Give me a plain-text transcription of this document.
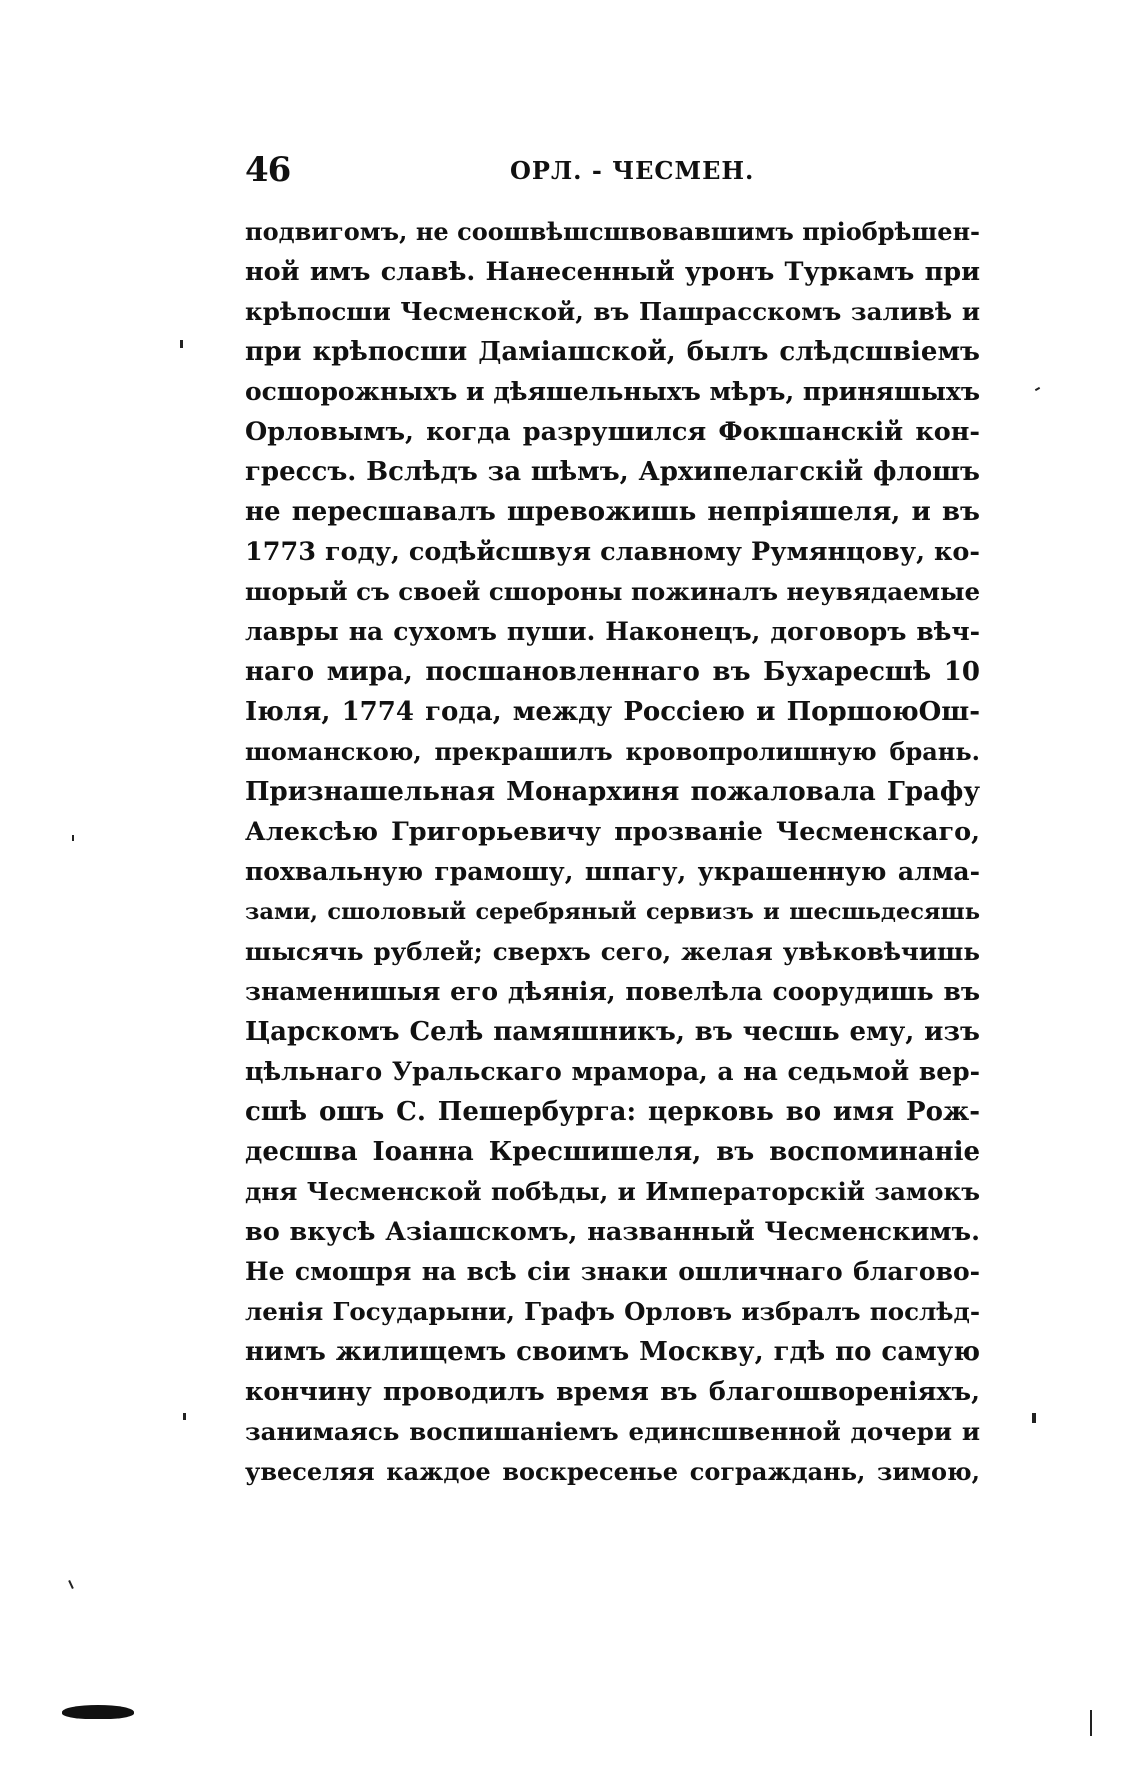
46	ОРЛ. - ЧЕСМЕН.
подвигомъ, не соошвѣшсшвовавшимъ пріобрѣшен-
ной имъ славѣ. Нанесенный уронъ Туркамъ при
крѣпосши Чесменской, въ Пашрасскомъ заливѣ и
при крѣпосши Даміашской, былъ слѣдсшвіемъ
осшорожныхъ и дѣяшельныхъ мѣръ, приняшыхъ
Орловымъ, когда разрушился Фокшанскій кон-
грессъ. Вслѣдъ за шѣмъ, Архипелагскій флошъ
не пересшавалъ шревожишь непріяшеля, и въ
1773 году, содѣйсшвуя славному Румянцову, ко-
шорый съ своей сшороны пожиналъ неувядаемые
лавры на сухомъ пуши. Наконецъ, договоръ вѣч-
наго мира, посшановленнаго въ Бухаресшѣ 10
Іюля, 1774 года, между Россіею и ПоршоюОш-
шоманскою, прекрашилъ кровопролишную брань.
Признашельная Монархиня пожаловала Графу
Алексѣю Григорьевичу прозваніе Чесменскаго,
похвальную грамошу, шпагу, украшенную алма-
зами, сшоловый серебряный сервизъ и шесшьдесяшь
шысячь рублей; сверхъ сего, желая увѣковѣчишь
знаменишыя его дѣянія, повелѣла соорудишь въ
Царскомъ Селѣ памяшникъ, въ чесшь ему, изъ
цѣльнаго Уральскаго мрамора, а на седьмой вер-
сшѣ ошъ С. Пешербурга: церковь во имя Рож-
десшва Іоанна Кресшишеля, въ воспоминаніе
дня Чесменской побѣды, и Императорскій замокъ
во вкусѣ Азіашскомъ, названный Чесменскимъ.
Не смошря на всѣ сіи знаки ошличнаго благово-
ленія Государыни, Графъ Орловъ избралъ послѣд-
нимъ жилищемъ своимъ Москву, гдѣ по самую
кончину проводилъ время въ благошвореніяхъ,
занимаясь воспишаніемъ единсшвенной дочери и
увеселяя каждое воскресенье сограждань, зимою,
